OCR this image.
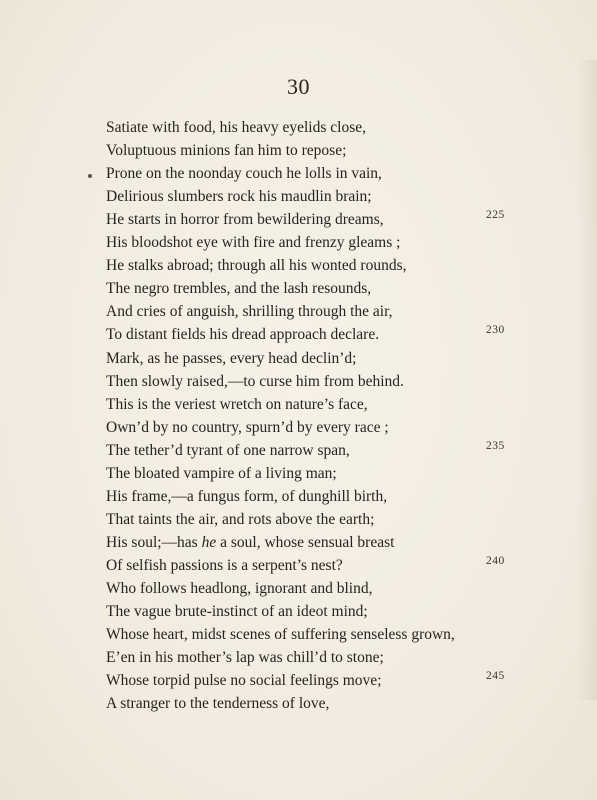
30
Satiate with food, his heavy eyelids close,
Voluptuous minions fan him to repose;
Prone on the noonday couch he lolls in vain,
Delirious slumbers rock his maudlin brain;
He starts in horror from bewildering dreams,	225
His bloodshot eye with fire and frenzy gleams ;
He stalks abroad; through all his wonted rounds,
The negro trembles, and the lash resounds,
And cries of anguish, shrilling through the air,
To distant fields his dread approach declare.	230
Mark, as he passes, every head declin’d;
Then slowly raised,—to curse him from behind.
This is the veriest wretch on nature’s face,
Own’d by no country, spurn’d by every race ;
The tether’d tyrant of one narrow span,	235
The bloated vampire of a living man;
His frame,—a fungus form, of dunghill birth,
That taints the air, and rots above the earth;
His soul;—has he a soul, whose sensual breast
Of selfish passions is a serpent’s nest?	240
Who follows headlong, ignorant and blind,
The vague brute-instinct of an ideot mind;
Whose heart, midst scenes of suffering senseless grown,
E’en in his mother’s lap was chill’d to stone;
Whose torpid pulse no social feelings move;	245
A stranger to the tenderness of love,
